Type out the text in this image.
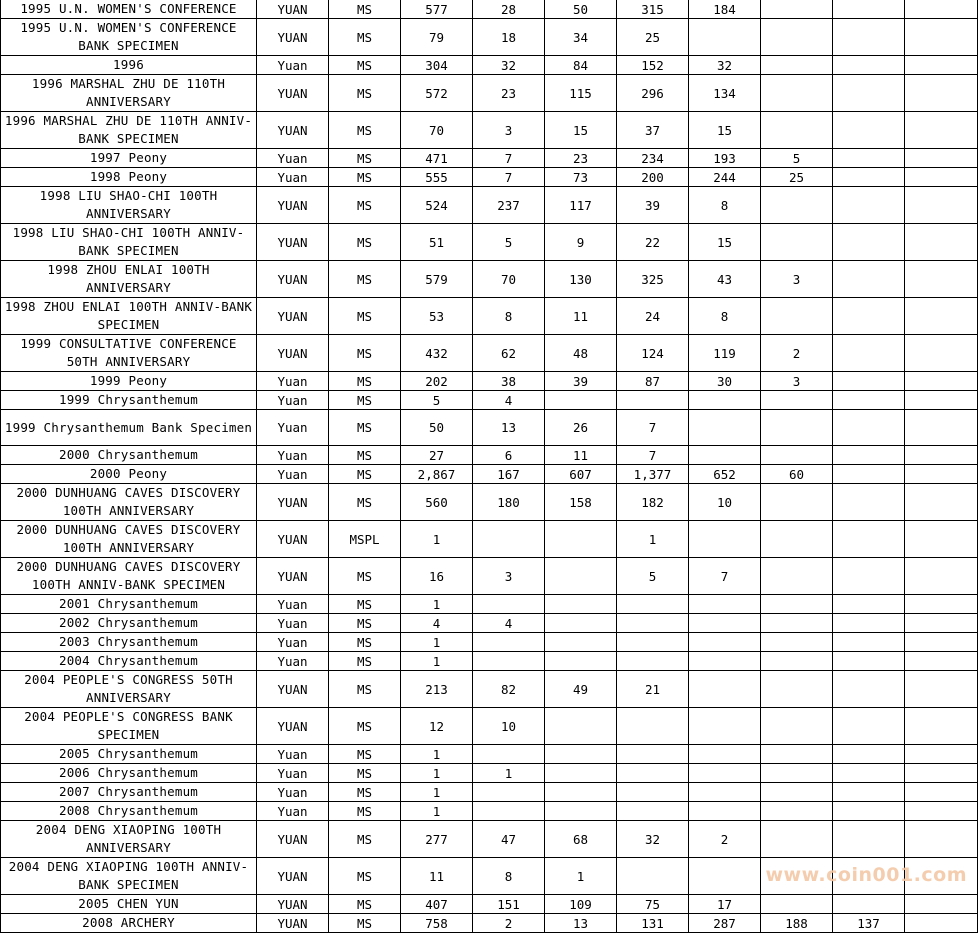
1995 U.N. WOMEN'S CONFERENCE	YUAN	MS	577	28	50	315	184			
1995 U.N. WOMEN'S CONFERENCE BANK SPECIMEN	YUAN	MS	79	18	34	25				
1996	Yuan	MS	304	32	84	152	32			
1996 MARSHAL ZHU DE 110TH ANNIVERSARY	YUAN	MS	572	23	115	296	134			
1996 MARSHAL ZHU DE 110TH ANNIV-BANK SPECIMEN	YUAN	MS	70	3	15	37	15			
1997 Peony	Yuan	MS	471	7	23	234	193	5		
1998 Peony	Yuan	MS	555	7	73	200	244	25		
1998 LIU SHAO-CHI 100TH ANNIVERSARY	YUAN	MS	524	237	117	39	8			
1998 LIU SHAO-CHI 100TH ANNIV-BANK SPECIMEN	YUAN	MS	51	5	9	22	15			
1998 ZHOU ENLAI 100TH ANNIVERSARY	YUAN	MS	579	70	130	325	43	3		
1998 ZHOU ENLAI 100TH ANNIV-BANK SPECIMEN	YUAN	MS	53	8	11	24	8			
1999 CONSULTATIVE CONFERENCE 50TH ANNIVERSARY	YUAN	MS	432	62	48	124	119	2		
1999 Peony	Yuan	MS	202	38	39	87	30	3		
1999 Chrysanthemum	Yuan	MS	5	4						
1999 Chrysanthemum Bank Specimen	Yuan	MS	50	13	26	7				
2000 Chrysanthemum	Yuan	MS	27	6	11	7				
2000 Peony	Yuan	MS	2,867	167	607	1,377	652	60		
2000 DUNHUANG CAVES DISCOVERY 100TH ANNIVERSARY	YUAN	MS	560	180	158	182	10			
2000 DUNHUANG CAVES DISCOVERY 100TH ANNIVERSARY	YUAN	MSPL	1			1				
2000 DUNHUANG CAVES DISCOVERY 100TH ANNIV-BANK SPECIMEN	YUAN	MS	16	3		5	7			
2001 Chrysanthemum	Yuan	MS	1							
2002 Chrysanthemum	Yuan	MS	4	4						
2003 Chrysanthemum	Yuan	MS	1							
2004 Chrysanthemum	Yuan	MS	1							
2004 PEOPLE'S CONGRESS 50TH ANNIVERSARY	YUAN	MS	213	82	49	21				
2004 PEOPLE'S CONGRESS BANK SPECIMEN	YUAN	MS	12	10						
2005 Chrysanthemum	Yuan	MS	1							
2006 Chrysanthemum	Yuan	MS	1	1						
2007 Chrysanthemum	Yuan	MS	1							
2008 Chrysanthemum	Yuan	MS	1							
2004 DENG XIAOPING 100TH ANNIVERSARY	YUAN	MS	277	47	68	32	2			
2004 DENG XIAOPING 100TH ANNIV-BANK SPECIMEN	YUAN	MS	11	8	1					
2005 CHEN YUN	YUAN	MS	407	151	109	75	17			
2008 ARCHERY	YUAN	MS	758	2	13	131	287	188	137	
www.coin001.com
